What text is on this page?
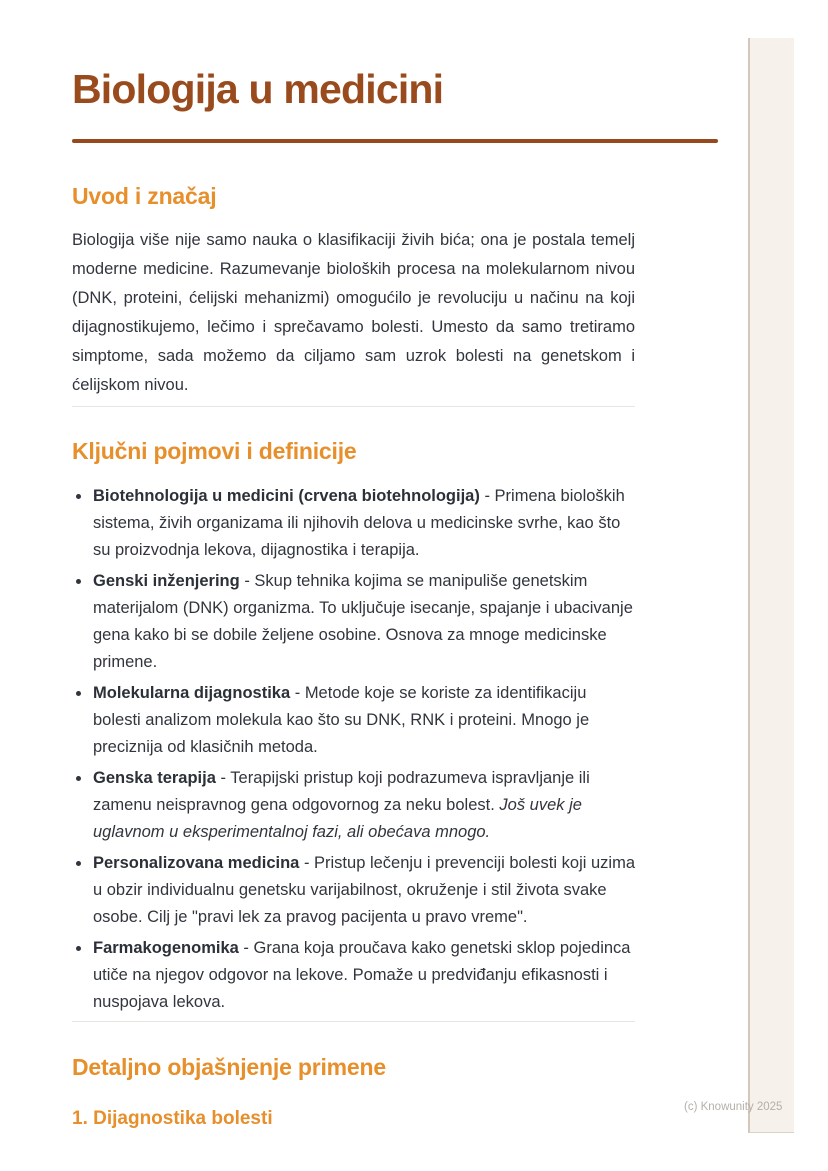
(c) Knowunity 2025
Biologija u medicini
Uvod i značaj

Biologija više nije samo nauka o klasifikaciji živih bića; ona je postala temelj moderne medicine. Razumevanje bioloških procesa na molekularnom nivou (DNK, proteini, ćelijski mehanizmi) omogućilo je revoluciju u načinu na koji dijagnostikujemo, lečimo i sprečavamo bolesti. Umesto da samo tretiramo simptome, sada možemo da ciljamo sam uzrok bolesti na genetskom i ćelijskom nivou.

Ključni pojmovi i definicije
Biotehnologija u medicini (crvena biotehnologija) - Primena bioloških sistema, živih organizama ili njihovih delova u medicinske svrhe, kao što su proizvodnja lekova, dijagnostika i terapija.
Genski inženjering - Skup tehnika kojima se manipuliše genetskim materijalom (DNK) organizma. To uključuje isecanje, spajanje i ubacivanje gena kako bi se dobile željene osobine. Osnova za mnoge medicinske primene.
Molekularna dijagnostika - Metode koje se koriste za identifikaciju bolesti analizom molekula kao što su DNK, RNK i proteini. Mnogo je preciznija od klasičnih metoda.
Genska terapija - Terapijski pristup koji podrazumeva ispravljanje ili zamenu neispravnog gena odgovornog za neku bolest. Još uvek je uglavnom u eksperimentalnoj fazi, ali obećava mnogo.
Personalizovana medicina - Pristup lečenju i prevenciji bolesti koji uzima u obzir individualnu genetsku varijabilnost, okruženje i stil života svake osobe. Cilj je "pravi lek za pravog pacijenta u pravo vreme".
Farmakogenomika - Grana koja proučava kako genetski sklop pojedinca utiče na njegov odgovor na lekove. Pomaže u predviđanju efikasnosti i nuspojava lekova.
Detaljno objašnjenje primene
1. Dijagnostika bolesti
